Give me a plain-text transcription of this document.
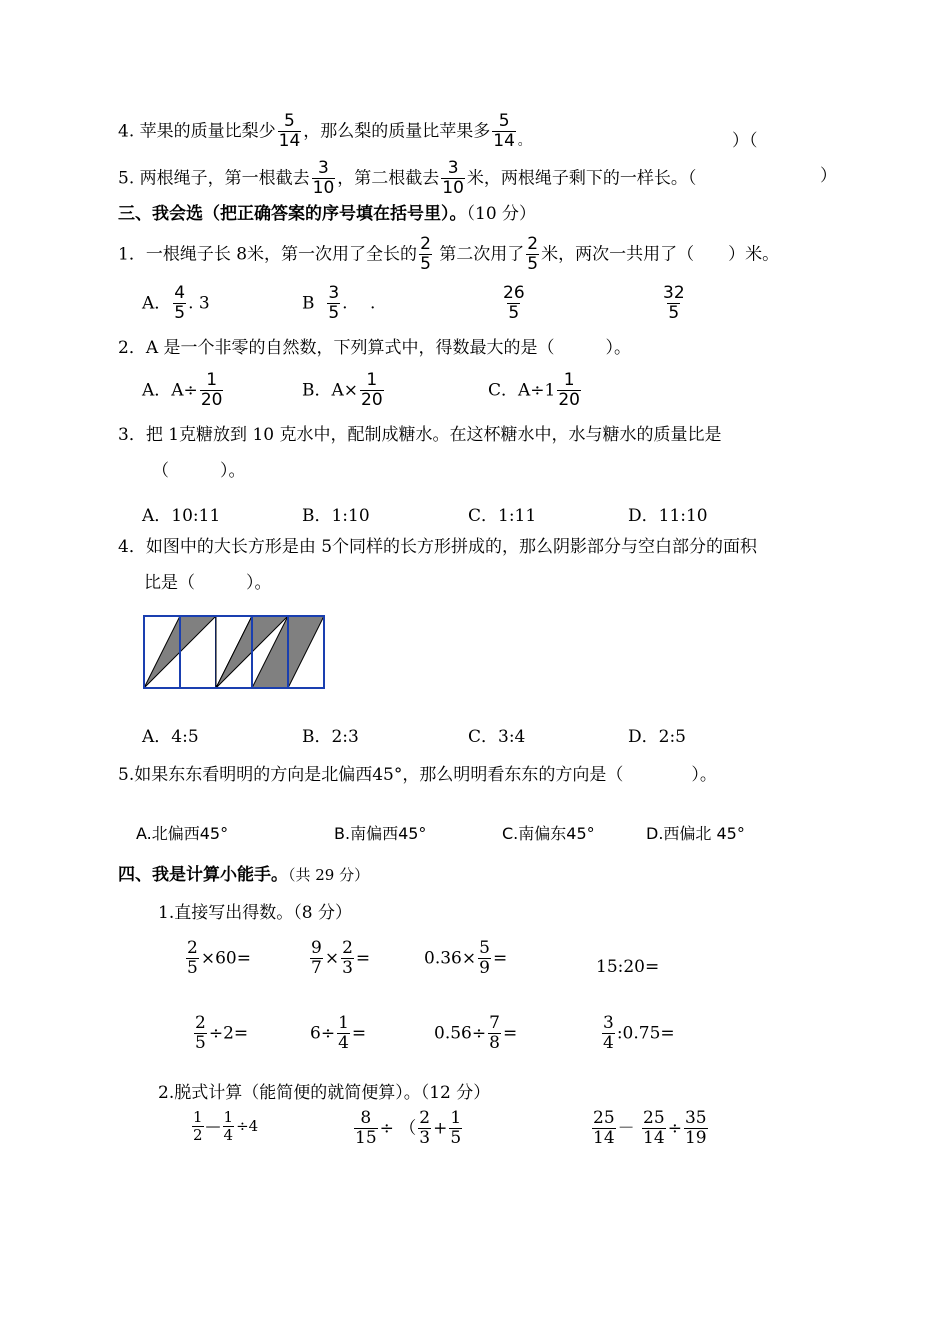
4. 苹果的质量比梨少 $\frac{5}{14}$ ，那么梨的质量比苹果多 $\frac{5}{14} _。$	）（
5. 两根绳子，第一根截去 $\frac{3}{10}$ ，第二根截去 $\frac{3}{10}$ 米，两根绳子剩下的一样长。（	）
三、我会选（把正确答案的序号填在括号里）。（10 分）
1．一根绳子长 8米，第一次用了全长的 $\frac{2}{5}$ 第二次用了 $\frac{2}{5}$ 米，两次一共用了（　　）米。
A． $\frac{4}{5}$ . 3	B $\frac{3}{5}$ .　 .	$\frac{26}{5}$	$\frac{32}{5}$
2．A 是一个非零的自然数，下列算式中，得数最大的是（　　　）。
A．$A\div \frac{1}{20}$	B．$A\times \frac{1}{20}$	C．$A\div 1 \frac{1}{20}$
3．把 1克糖放到 10 克水中，配制成糖水。在这杯糖水中，水与糖水的质量比是
（　　　）。
A．10:11	B．1:10	C．1:11	D．11:10
4．如图中的大长方形是由 5个同样的长方形拼成的，那么阴影部分与空白部分的面积
比是（　　　）。
A．4:5	B．2:3	C．3:4	D．2:5
5.如果东东看明明的方向是北偏西45°，那么明明看东东的方向是（　　　　）。
A.北偏西45°	B.南偏西45°	C.南偏东45°	D.西偏北 45°
四、我是计算小能手。（共 29 分）
1.直接写出得数。（8 分）
$\frac{2}{5} \times 60=$	$\frac{9}{7} \times \frac{2}{3}$ =	$0.36\times \frac{5}{9}$ =	15:20=
$\frac{2}{5} \div 2=$	$6\div \frac{1}{4}$ =	$0.56\div \frac{7}{8}$ =	$\frac{3}{4}$ :0.75=
2.脱式计算（能简便的就简便算）。（12 分）
$\frac{1}{2}$ — $\frac{1}{4} \div 4$	$\frac{8}{15}$ ÷ （ $\frac{2}{3} + \frac{1}{5}$	$\frac{25}{14} - \frac{25}{14} \div \frac{35}{19}$
